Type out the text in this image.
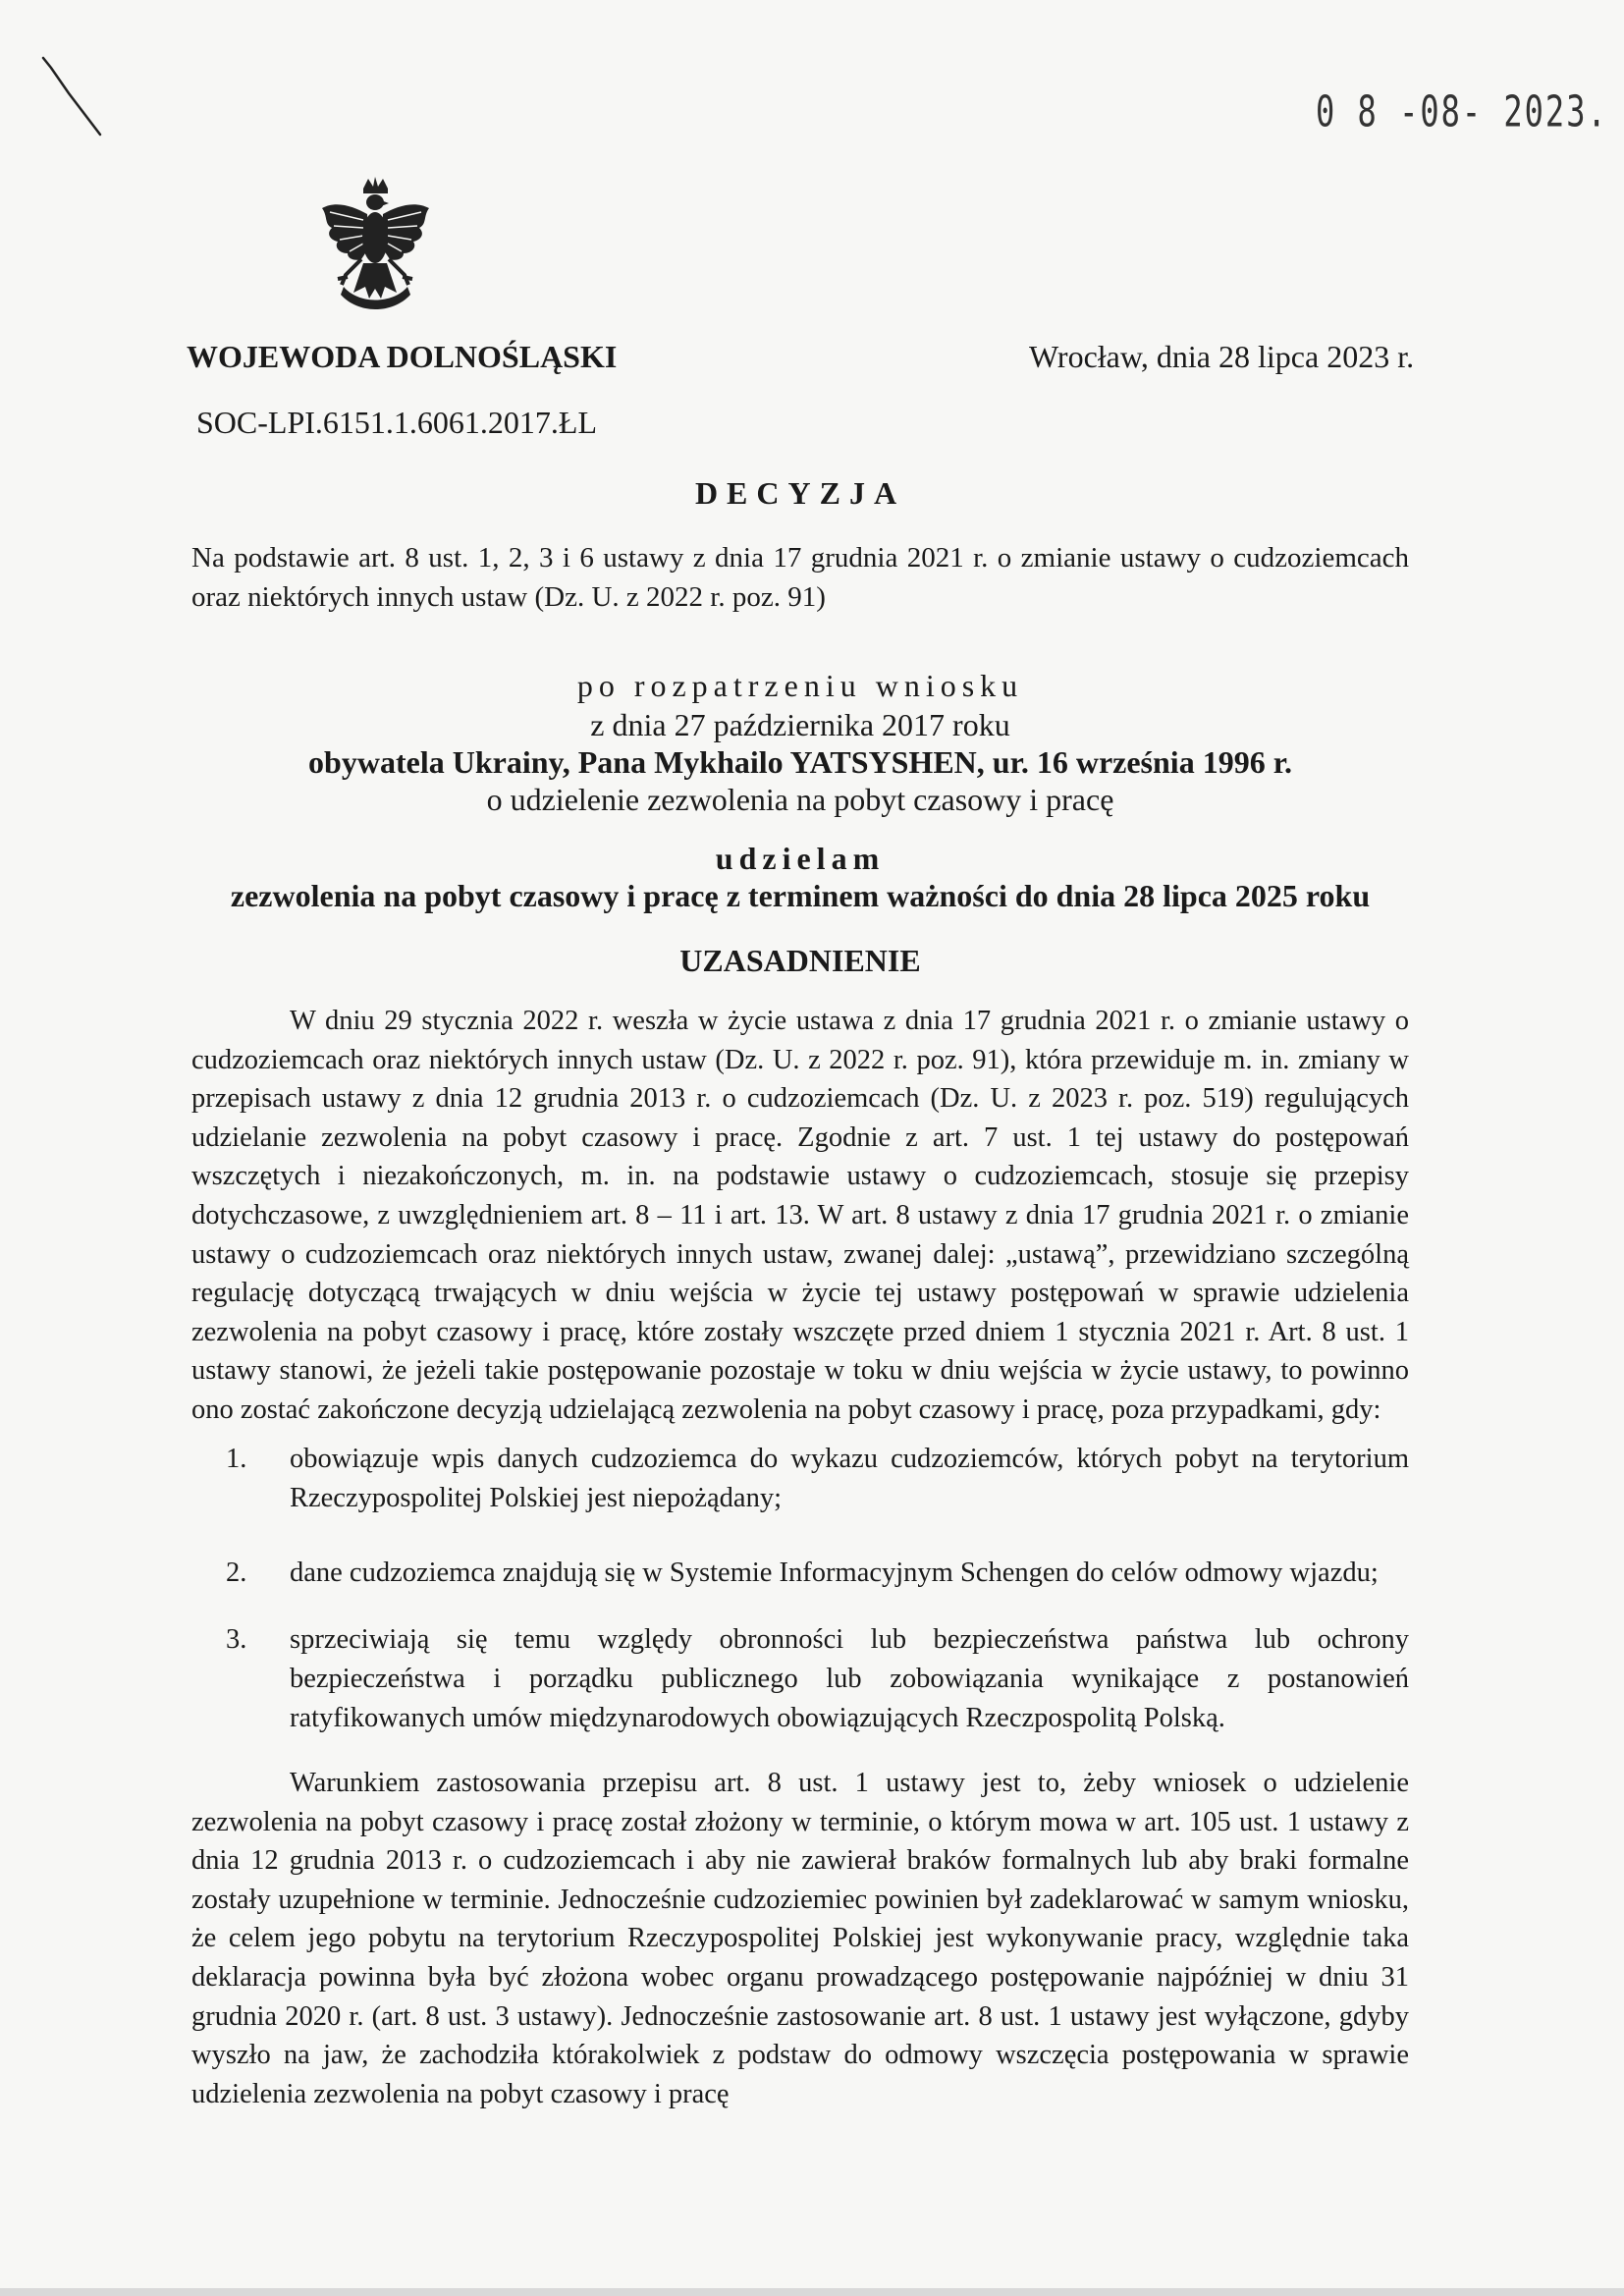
0 8 -08- 2023.
WOJEWODA DOLNOŚLĄSKI	Wrocław, dnia 28 lipca 2023 r.
SOC-LPI.6151.1.6061.2017.ŁL
DECYZJA
Na podstawie art. 8 ust. 1, 2, 3 i 6 ustawy z dnia 17 grudnia 2021 r. o zmianie ustawy o cudzoziemcach oraz niektórych innych ustaw (Dz. U. z 2022 r. poz. 91)
po rozpatrzeniu wniosku
z dnia 27 października 2017 roku
obywatela Ukrainy, Pana Mykhailo YATSYSHEN, ur. 16 września 1996 r.
o udzielenie zezwolenia na pobyt czasowy i pracę
udzielam
zezwolenia na pobyt czasowy i pracę z terminem ważności do dnia 28 lipca 2025 roku
UZASADNIENIE
W dniu 29 stycznia 2022 r. weszła w życie ustawa z dnia 17 grudnia 2021 r. o zmianie ustawy o cudzoziemcach oraz niektórych innych ustaw (Dz. U. z 2022 r. poz. 91), która przewiduje m. in. zmiany w przepisach ustawy z dnia 12 grudnia 2013 r. o cudzoziemcach (Dz. U. z 2023 r. poz. 519) regulujących udzielanie zezwolenia na pobyt czasowy i pracę. Zgodnie z art. 7 ust. 1 tej ustawy do postępowań wszczętych i niezakończonych, m. in. na podstawie ustawy o cudzoziemcach, stosuje się przepisy dotychczasowe, z uwzględnieniem art. 8 – 11 i art. 13. W art. 8 ustawy z dnia 17 grudnia 2021 r. o zmianie ustawy o cudzoziemcach oraz niektórych innych ustaw, zwanej dalej: „ustawą”, przewidziano szczególną regulację dotyczącą trwających w dniu wejścia w życie tej ustawy postępowań w sprawie udzielenia zezwolenia na pobyt czasowy i pracę, które zostały wszczęte przed dniem 1 stycznia 2021 r. Art. 8 ust. 1 ustawy stanowi, że jeżeli takie postępowanie pozostaje w toku w dniu wejścia w życie ustawy, to powinno ono zostać zakończone decyzją udzielającą zezwolenia na pobyt czasowy i pracę, poza przypadkami, gdy:
1.	obowiązuje wpis danych cudzoziemca do wykazu cudzoziemców, których pobyt na terytorium Rzeczypospolitej Polskiej jest niepożądany;
2.	dane cudzoziemca znajdują się w Systemie Informacyjnym Schengen do celów odmowy wjazdu;
3.	sprzeciwiają się temu względy obronności lub bezpieczeństwa państwa lub ochrony bezpieczeństwa i porządku publicznego lub zobowiązania wynikające z postanowień ratyfikowanych umów międzynarodowych obowiązujących Rzeczpospolitą Polską.
Warunkiem zastosowania przepisu art. 8 ust. 1 ustawy jest to, żeby wniosek o udzielenie zezwolenia na pobyt czasowy i pracę został złożony w terminie, o którym mowa w art. 105 ust. 1 ustawy z dnia 12 grudnia 2013 r. o cudzoziemcach i aby nie zawierał braków formalnych lub aby braki formalne zostały uzupełnione w terminie. Jednocześnie cudzoziemiec powinien był zadeklarować w samym wniosku, że celem jego pobytu na terytorium Rzeczypospolitej Polskiej jest wykonywanie pracy, względnie taka deklaracja powinna była być złożona wobec organu prowadzącego postępowanie najpóźniej w dniu 31 grudnia 2020 r. (art. 8 ust. 3 ustawy). Jednocześnie zastosowanie art. 8 ust. 1 ustawy jest wyłączone, gdyby wyszło na jaw, że zachodziła którakolwiek z podstaw do odmowy wszczęcia postępowania w sprawie udzielenia zezwolenia na pobyt czasowy i pracę
